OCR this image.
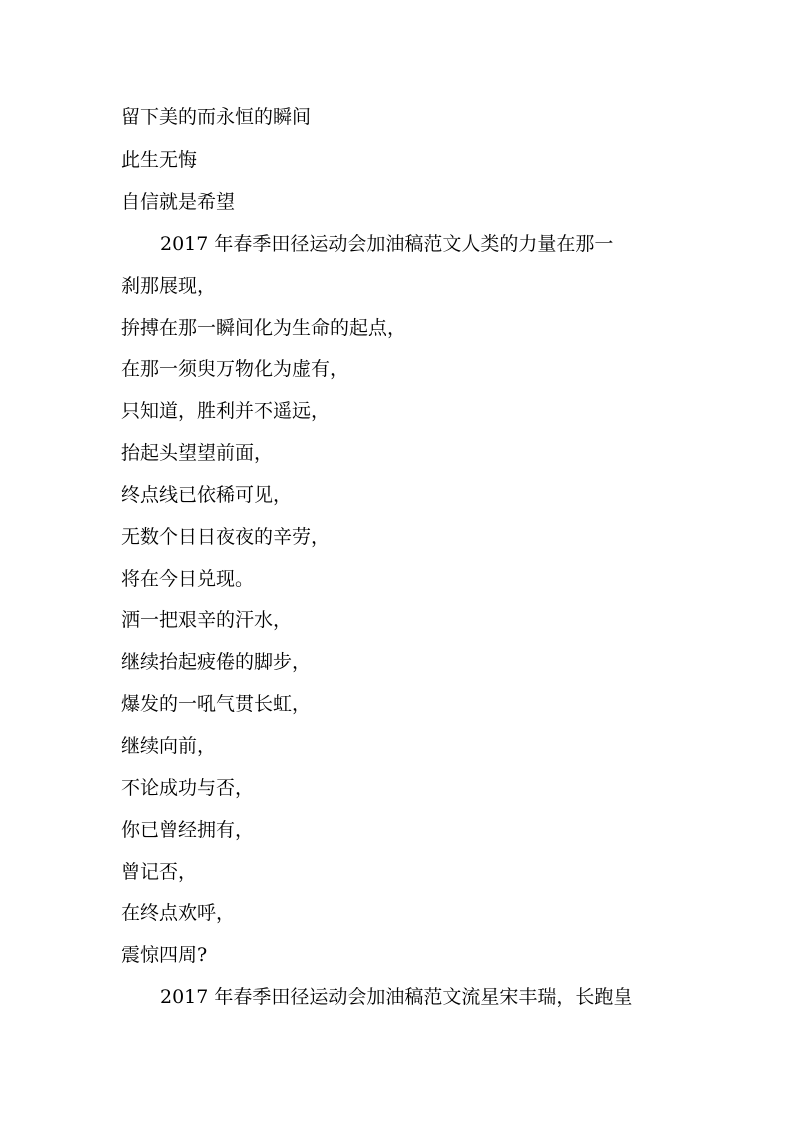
留下美的而永恒的瞬间
此生无悔
自信就是希望
2017 年春季田径运动会加油稿范文人类的力量在那一
刹那展现，
拚搏在那一瞬间化为生命的起点，
在那一须臾万物化为虚有，
只知道，胜利并不遥远，
抬起头望望前面，
终点线已依稀可见，
无数个日日夜夜的辛劳，
将在今日兑现。
洒一把艰辛的汗水，
继续抬起疲倦的脚步，
爆发的一吼气贯长虹，
继续向前，
不论成功与否，
你已曾经拥有，
曾记否，
在终点欢呼，
震惊四周?
2017 年春季田径运动会加油稿范文流星宋丰瑞，长跑皇
